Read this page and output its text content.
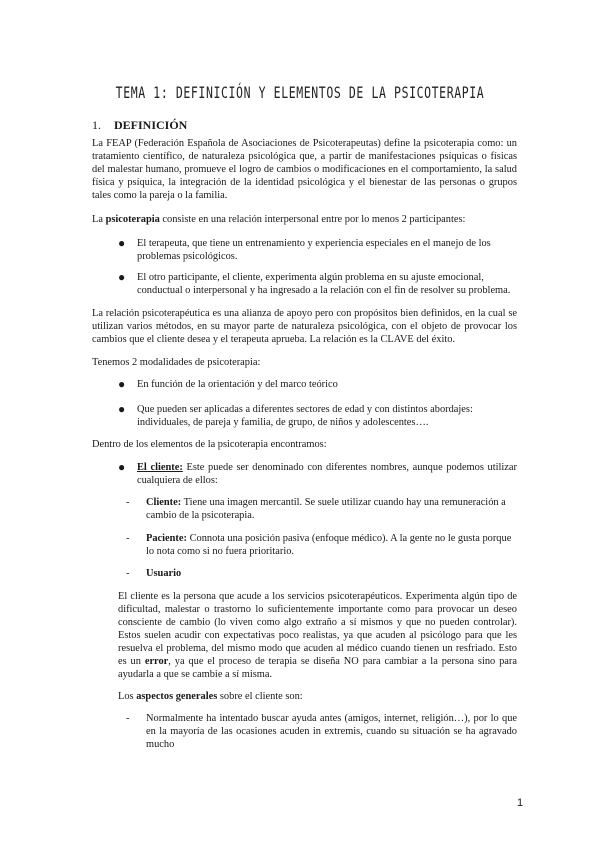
TEMA 1: DEFINICIÓN Y ELEMENTOS DE LA PSICOTERAPIA
1. DEFINICIÓN
La FEAP (Federación Española de Asociaciones de Psicoterapeutas) define la psicoterapia como: un tratamiento científico, de naturaleza psicológica que, a partir de manifestaciones psíquicas o físicas del malestar humano, promueve el logro de cambios o modificaciones en el comportamiento, la salud física y psíquica, la integración de la identidad psicológica y el bienestar de las personas o grupos tales como la pareja o la familia.
La psicoterapia consiste en una relación interpersonal entre por lo menos 2 participantes:
● El terapeuta, que tiene un entrenamiento y experiencia especiales en el manejo de los problemas psicológicos.
● El otro participante, el cliente, experimenta algún problema en su ajuste emocional, conductual o interpersonal y ha ingresado a la relación con el fin de resolver su problema.
La relación psicoterapéutica es una alianza de apoyo pero con propósitos bien definidos, en la cual se utilizan varios métodos, en su mayor parte de naturaleza psicológica, con el objeto de provocar los cambios que el cliente desea y el terapeuta aprueba. La relación es la CLAVE del éxito.
Tenemos 2 modalidades de psicoterapia:
● En función de la orientación y del marco teórico
● Que pueden ser aplicadas a diferentes sectores de edad y con distintos abordajes: individuales, de pareja y familia, de grupo, de niños y adolescentes….
Dentro de los elementos de la psicoterapia encontramos:
● El cliente: Este puede ser denominado con diferentes nombres, aunque podemos utilizar cualquiera de ellos:
- Cliente: Tiene una imagen mercantil. Se suele utilizar cuando hay una remuneración a cambio de la psicoterapia.
- Paciente: Connota una posición pasiva (enfoque médico). A la gente no le gusta porque lo nota como si no fuera prioritario.
- Usuario
El cliente es la persona que acude a los servicios psicoterapéuticos. Experimenta algún tipo de dificultad, malestar o trastorno lo suficientemente importante como para provocar un deseo consciente de cambio (lo viven como algo extraño a sí mismos y que no pueden controlar). Estos suelen acudir con expectativas poco realistas, ya que acuden al psicólogo para que les resuelva el problema, del mismo modo que acuden al médico cuando tienen un resfriado. Esto es un error, ya que el proceso de terapia se diseña NO para cambiar a la persona sino para ayudarla a que se cambie a sí misma.
Los aspectos generales sobre el cliente son:
- Normalmente ha intentado buscar ayuda antes (amigos, internet, religión…), por lo que en la mayoría de las ocasiones acuden in extremis, cuando su situación se ha agravado mucho
1
